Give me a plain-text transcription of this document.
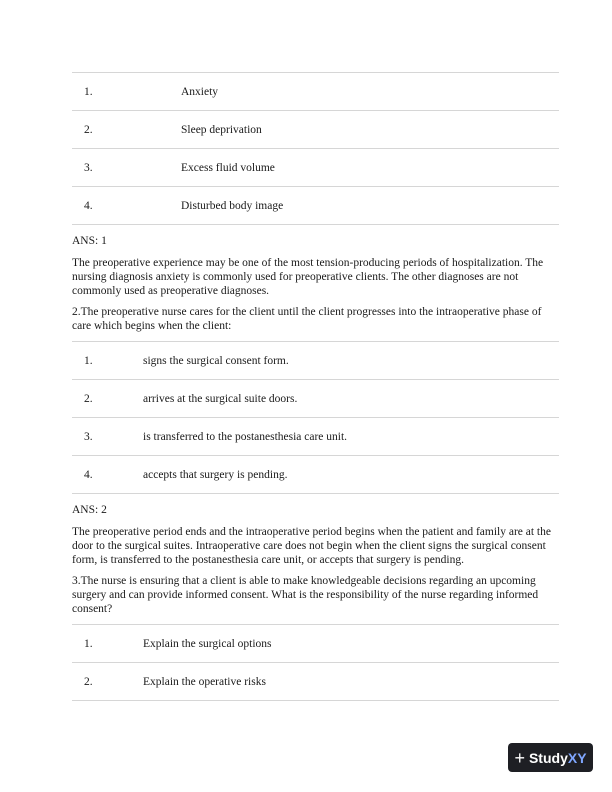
1.	Anxiety
2.	Sleep deprivation
3.	Excess fluid volume
4.	Disturbed body image

ANS: 1

The preoperative experience may be one of the most tension-producing periods of hospitalization. The nursing diagnosis anxiety is commonly used for preoperative clients. The other diagnoses are not commonly used as preoperative diagnoses.

2.The preoperative nurse cares for the client until the client progresses into the intraoperative phase of care which begins when the client:

1.	signs the surgical consent form.
2.	arrives at the surgical suite doors.
3.	is transferred to the postanesthesia care unit.
4.	accepts that surgery is pending.

ANS: 2

The preoperative period ends and the intraoperative period begins when the patient and family are at the door to the surgical suites. Intraoperative care does not begin when the client signs the surgical consent form, is transferred to the postanesthesia care unit, or accepts that surgery is pending.

3.The nurse is ensuring that a client is able to make knowledgeable decisions regarding an upcoming surgery and can provide informed consent. What is the responsibility of the nurse regarding informed consent?

1.	Explain the surgical options
2.	Explain the operative risks
+ Study XY
